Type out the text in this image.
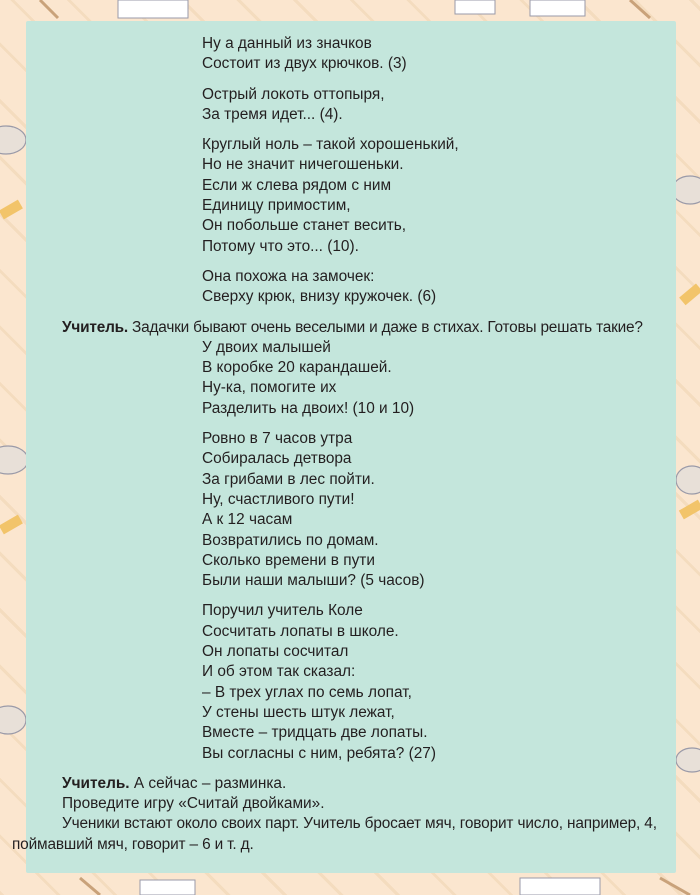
Ну а данный из значков
Состоит из двух крючков. (3)
Острый локоть оттопыря,
За тремя идет... (4).
Круглый ноль – такой хорошенький,
Но не значит ничегошеньки.
Если ж слева рядом с ним
Единицу примостим,
Он побольше станет весить,
Потому что это... (10).
Она похожа на замочек:
Сверху крюк, внизу кружочек. (6)

Учитель. Задачки бывают очень веселыми и даже в стихах. Готовы решать такие?

У двоих малышей
В коробке 20 карандашей.
Ну-ка, помогите их
Разделить на двоих! (10 и 10)
Ровно в 7 часов утра
Собиралась детвора
За грибами в лес пойти.
Ну, счастливого пути!
А к 12 часам
Возвратились по домам.
Сколько времени в пути
Были наши малыши? (5 часов)
Поручил учитель Коле
Сосчитать лопаты в школе.
Он лопаты сосчитал
И об этом так сказал:
– В трех углах по семь лопат,
У стены шесть штук лежат,
Вместе – тридцать две лопаты.
Вы согласны с ним, ребята? (27)

Учитель. А сейчас – разминка.

Проведите игру «Считай двойками».

Ученики встают около своих парт. Учитель бросает мяч, говорит число, например, 4, поймавший мяч, говорит – 6 и т. д.
